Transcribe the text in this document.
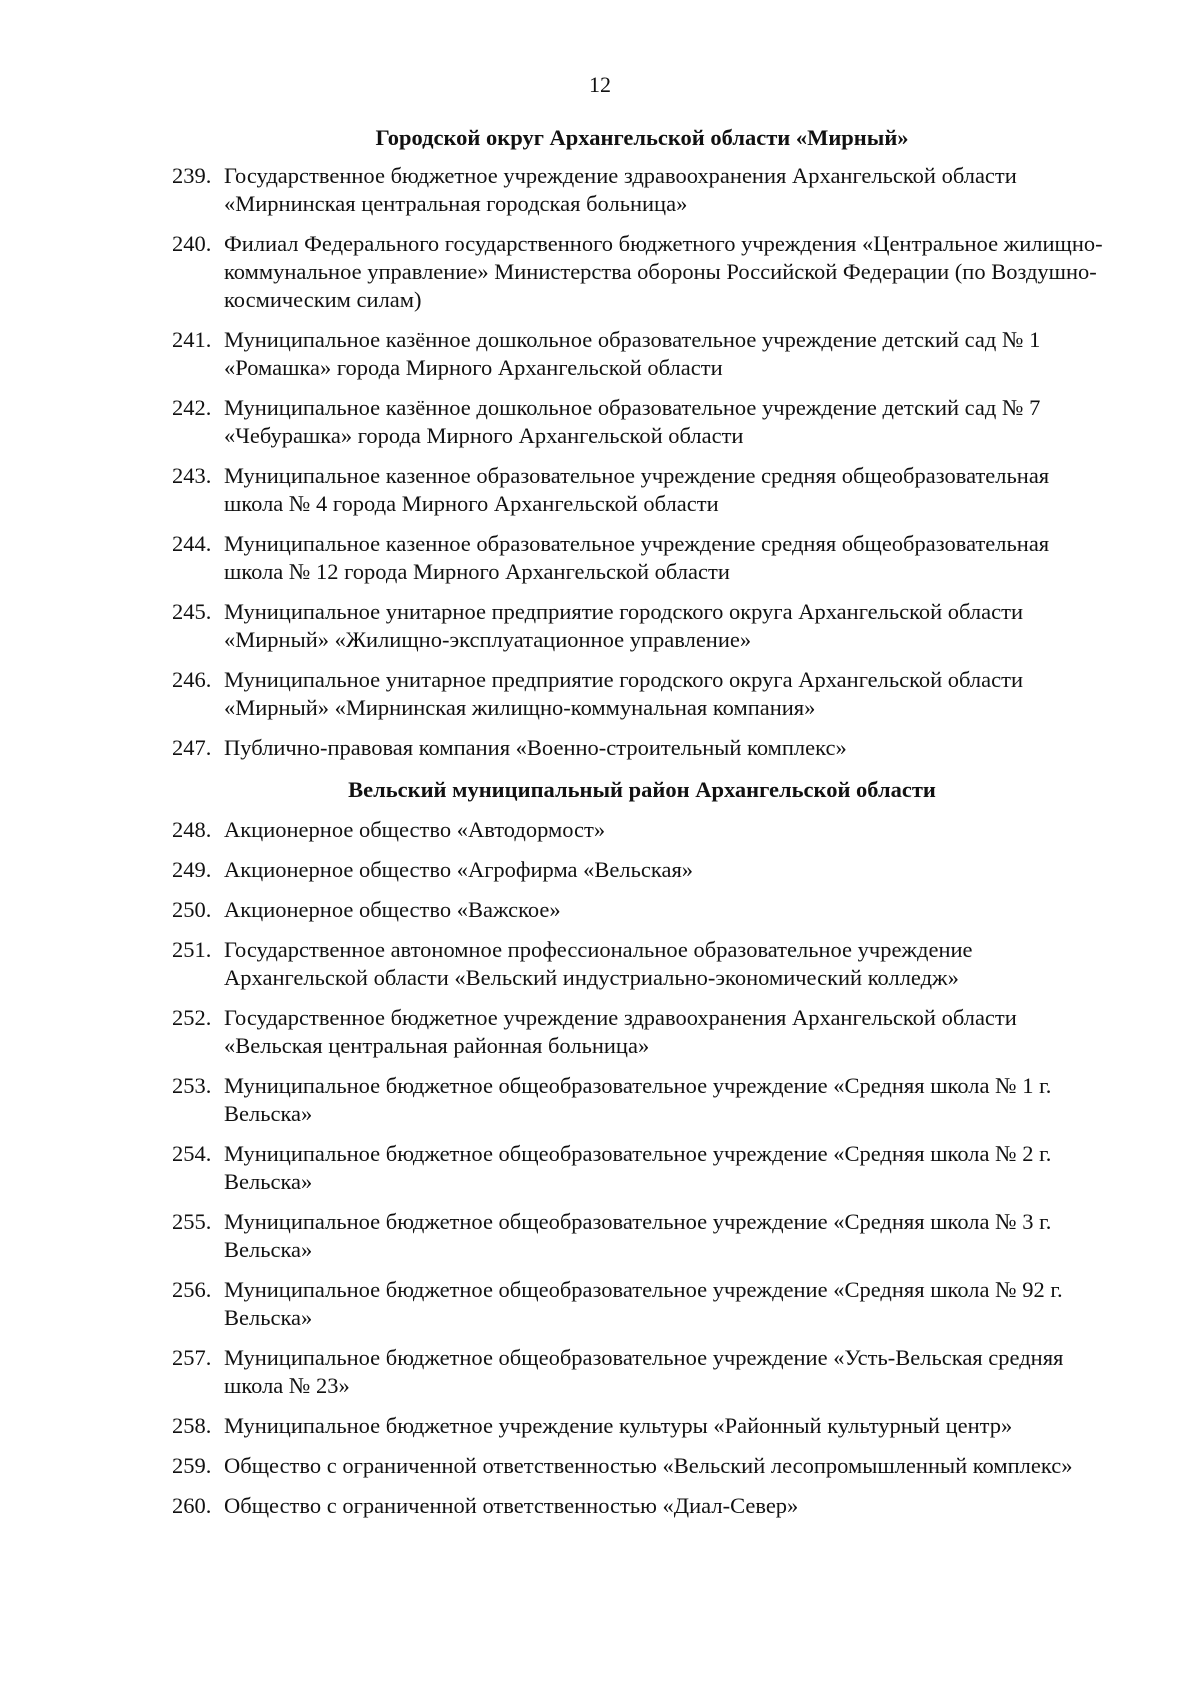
12
Городской округ Архангельской области «Мирный»
239. Государственное бюджетное учреждение здравоохранения Архангельской области «Мирнинская центральная городская больница»
240. Филиал Федерального государственного бюджетного учреждения «Центральное жилищно-коммунальное управление» Министерства обороны Российской Федерации (по Воздушно-космическим силам)
241. Муниципальное казённое дошкольное образовательное учреждение детский сад № 1 «Ромашка» города Мирного Архангельской области
242. Муниципальное казённое дошкольное образовательное учреждение детский сад № 7 «Чебурашка» города Мирного Архангельской области
243. Муниципальное казенное образовательное учреждение средняя общеобразовательная школа № 4 города Мирного Архангельской области
244. Муниципальное казенное образовательное учреждение средняя общеобразовательная школа № 12 города Мирного Архангельской области
245. Муниципальное унитарное предприятие городского округа Архангельской области «Мирный» «Жилищно-эксплуатационное управление»
246. Муниципальное унитарное предприятие городского округа Архангельской области «Мирный» «Мирнинская жилищно-коммунальная компания»
247. Публично-правовая компания «Военно-строительный комплекс»
Вельский муниципальный район Архангельской области
248. Акционерное общество «Автодормост»
249. Акционерное общество «Агрофирма «Вельская»
250. Акционерное общество «Важское»
251. Государственное автономное профессиональное образовательное учреждение Архангельской области «Вельский индустриально-экономический колледж»
252. Государственное бюджетное учреждение здравоохранения Архангельской области «Вельская центральная районная больница»
253. Муниципальное бюджетное общеобразовательное учреждение «Средняя школа № 1 г. Вельска»
254. Муниципальное бюджетное общеобразовательное учреждение «Средняя школа № 2 г. Вельска»
255. Муниципальное бюджетное общеобразовательное учреждение «Средняя школа № 3 г. Вельска»
256. Муниципальное бюджетное общеобразовательное учреждение «Средняя школа № 92 г. Вельска»
257. Муниципальное бюджетное общеобразовательное учреждение «Усть-Вельская средняя школа № 23»
258. Муниципальное бюджетное учреждение культуры «Районный культурный центр»
259. Общество с ограниченной ответственностью «Вельский лесопромышленный комплекс»
260. Общество с ограниченной ответственностью «Диал-Север»
